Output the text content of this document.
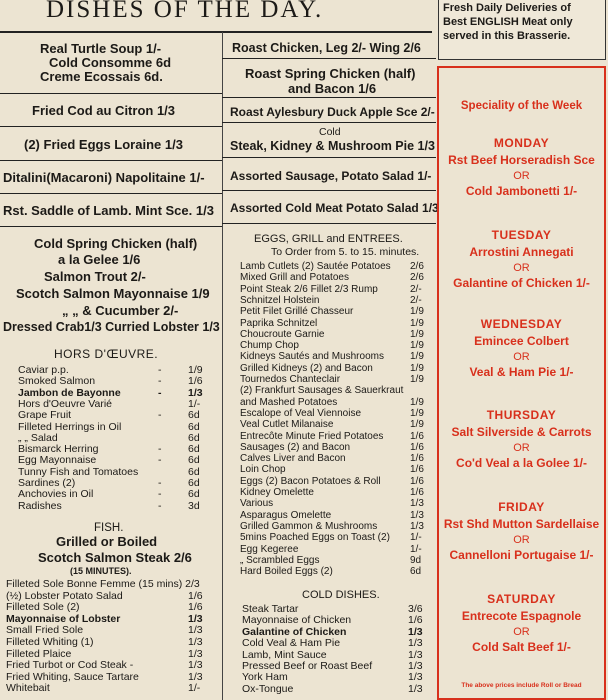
DISHES OF THE DAY.	Fresh Daily Deliveries of
Best ENGLISH Meat only
served in this Brasserie.
Real Turtle Soup 1/-
Cold Consomme 6d
Creme Ecossais 6d.
Fried Cod au Citron 1/3
(2) Fried Eggs Loraine 1/3
Ditalini(Macaroni) Napolitaine 1/-
Rst. Saddle of Lamb. Mint Sce. 1/3
Cold Spring Chicken (half)
a la Gelee 1/6
Salmon Trout 2/-
Scotch Salmon Mayonnaise 1/9
„ „ & Cucumber 2/-
Dressed Crab1/3 Curried Lobster 1/3
HORS D'ŒUVRE.
Caviar p.p.	-	1/9
Smoked Salmon	-	1/6
Jambon de Bayonne	-	1/3
Hors d'Oeuvre Varié	1/-
Grape Fruit	-	6d
Filleted Herrings in Oil	6d
„ „ Salad	6d
Bismarck Herring	-	6d
Egg Mayonnaise	-	6d
Tunny Fish and Tomatoes	6d
Sardines (2)	-	6d
Anchovies in Oil	-	6d
Radishes	-	3d
FISH.
Grilled or Boiled
Scotch Salmon Steak 2/6
(15 MINUTES).
Filleted Sole Bonne Femme (15 mins) 2/3
(½) Lobster Potato Salad	1/6
Filleted Sole (2)	1/6
Mayonnaise of Lobster	1/3
Small Fried Sole	1/3
Filleted Whiting (1)	1/3
Filleted Plaice	1/3
Fried Turbot or Cod Steak -	1/3
Fried Whiting, Sauce Tartare	1/3
Whitebait	1/-
Roast Chicken, Leg 2/- Wing 2/6
Roast Spring Chicken (half)
and Bacon 1/6
Roast Aylesbury Duck Apple Sce 2/-
Cold
Steak, Kidney & Mushroom Pie 1/3
Assorted Sausage, Potato Salad 1/-
Assorted Cold Meat Potato Salad 1/3
EGGS, GRILL and ENTREES.
To Order from 5. to 15. minutes.
Lamb Cutlets (2) Sautée Potatoes 2/6
Mixed Grill and Potatoes	2/6
Point Steak 2/6 Fillet 2/3 Rump	2/-
Schnitzel Holstein	2/-
Petit Filet Grillé Chasseur	1/9
Paprika Schnitzel	1/9
Choucroute Garnie	1/9
Chump Chop	1/9
Kidneys Sautés and Mushrooms	1/9
Grilled Kidneys (2) and Bacon	1/9
Tournedos Chanteclair	1/9
(2) Frankfurt Sausages & Sauerkraut
and Mashed Potatoes	1/9
Escalope of Veal Viennoise	1/9
Veal Cutlet Milanaise	1/9
Entrecôte Minute Fried Potatoes	1/6
Sausages (2) and Bacon	1/6
Calves Liver and Bacon	1/6
Loin Chop	1/6
Eggs (2) Bacon Potatoes & Roll	1/6
Kidney Omelette	1/6
Various	1/3
Asparagus Omelette	1/3
Grilled Gammon & Mushrooms	1/3
5mins Poached Eggs on Toast (2) 1/-
Egg Kegeree	1/-
„ Scrambled Eggs	9d
Hard Boiled Eggs (2)	6d
COLD DISHES.
Steak Tartar	3/6
Mayonnaise of Chicken	1/6
Galantine of Chicken	1/3
Cold Veal & Ham Pie	1/3
Lamb, Mint Sauce	1/3
Pressed Beef or Roast Beef	1/3
York Ham	1/3
Ox-Tongue	1/3
Speciality of the Week
MONDAY
Rst Beef Horseradish Sce
OR
Cold Jambonetti 1/-
TUESDAY
Arrostini Annegati
OR
Galantine of Chicken 1/-
WEDNESDAY
Emincee Colbert
OR
Veal & Ham Pie 1/-
THURSDAY
Salt Silverside & Carrots
OR
Co'd Veal a la Golee 1/-
FRIDAY
Rst Shd Mutton Sardellaise
OR
Cannelloni Portugaise 1/-
SATURDAY
Entrecote Espagnole
OR
Cold Salt Beef 1/-
The above prices include Roll or Bread
